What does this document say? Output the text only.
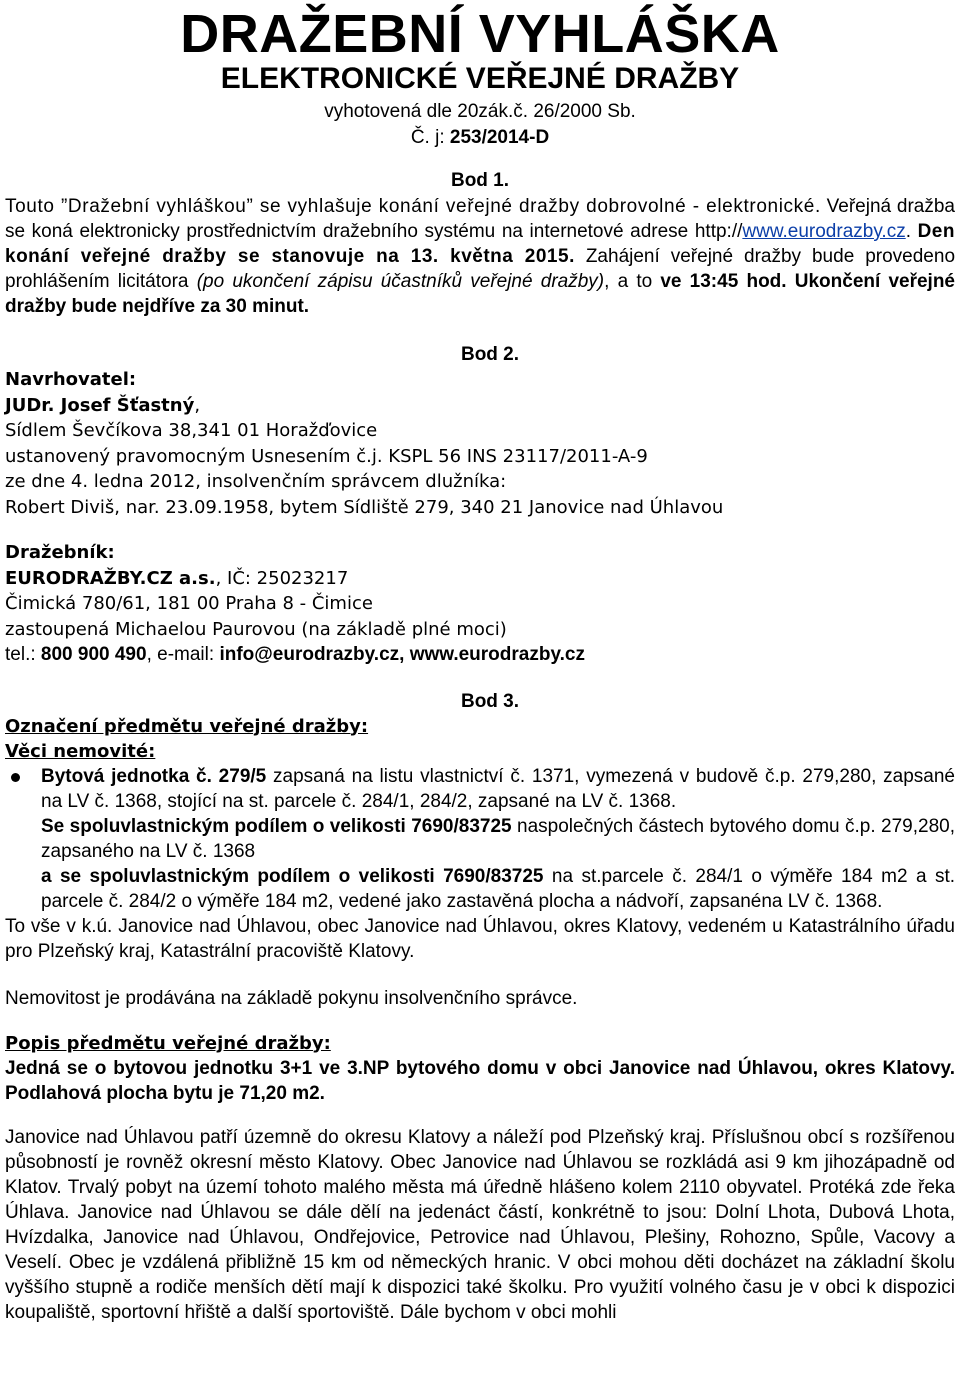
DRAŽEBNÍ VYHLÁŠKA
ELEKTRONICKÉ VEŘEJNÉ DRAŽBY
vyhotovená dle 20zák.č. 26/2000 Sb.
Č. j: 253/2014-D
Bod 1.
Touto ”Dražební vyhláškou” se vyhlašuje konání veřejné dražby dobrovolné - elektronické. Veřejná dražba se koná elektronicky prostřednictvím dražebního systému na internetové adrese http://www.eurodrazby.cz. Den konání veřejné dražby se stanovuje na 13. května 2015. Zahájení veřejné dražby bude provedeno prohlášením licitátora (po ukončení zápisu účastníků veřejné dražby), a to ve 13:45 hod. Ukončení veřejné dražby bude nejdříve za 30 minut.
Bod 2.
Navrhovatel:
JUDr. Josef Šťastný,
Sídlem Ševčíkova 38,341 01 Horažďovice
ustanovený pravomocným Usnesením č.j. KSPL 56 INS 23117/2011-A-9
ze dne 4. ledna 2012, insolvenčním správcem dlužníka:
Robert Diviš, nar. 23.09.1958, bytem Sídliště 279, 340 21 Janovice nad Úhlavou
Dražebník:
EURODRAŽBY.CZ a.s., IČ: 25023217
Čimická 780/61, 181 00 Praha 8 - Čimice
zastoupená Michaelou Paurovou (na základě plné moci)
tel.: 800 900 490, e-mail: info@eurodrazby.cz, www.eurodrazby.cz
Bod 3.
Označení předmětu veřejné dražby:
Věci nemovité:
Bytová jednotka č. 279/5 zapsaná na listu vlastnictví č. 1371, vymezená v budově č.p. 279,280, zapsané na LV č. 1368, stojící na st. parcele č. 284/1, 284/2, zapsané na LV č. 1368.
Se spoluvlastnickým podílem o velikosti 7690/83725 naspolečných částech bytového domu č.p. 279,280, zapsaného na LV č. 1368
a se spoluvlastnickým podílem o velikosti 7690/83725 na st.parcele č. 284/1 o výměře 184 m2 a st. parcele č. 284/2 o výměře 184 m2, vedené jako zastavěná plocha a nádvoří, zapsanéna LV č. 1368.
To vše v k.ú. Janovice nad Úhlavou, obec Janovice nad Úhlavou, okres Klatovy, vedeném u Katastrálního úřadu pro Plzeňský kraj, Katastrální pracoviště Klatovy.
Nemovitost je prodávána na základě pokynu insolvenčního správce.
Popis předmětu veřejné dražby:
Jedná se o bytovou jednotku 3+1 ve 3.NP bytového domu v obci Janovice nad Úhlavou, okres Klatovy. Podlahová plocha bytu je 71,20 m2.
Janovice nad Úhlavou patří územně do okresu Klatovy a náleží pod Plzeňský kraj. Příslušnou obcí s rozšířenou působností je rovněž okresní město Klatovy. Obec Janovice nad Úhlavou se rozkládá asi 9 km jihozápadně od Klatov. Trvalý pobyt na území tohoto malého města má úředně hlášeno kolem 2110 obyvatel. Protéká zde řeka Úhlava. Janovice nad Úhlavou se dále dělí na jedenáct částí, konkrétně to jsou: Dolní Lhota, Dubová Lhota, Hvízdalka, Janovice nad Úhlavou, Ondřejovice, Petrovice nad Úhlavou, Plešiny, Rohozno, Spůle, Vacovy a Veselí. Obec je vzdálená přibližně 15 km od německých hranic. V obci mohou děti docházet na základní školu vyššího stupně a rodiče menších dětí mají k dispozici také školku. Pro využití volného času je v obci k dispozici koupaliště, sportovní hřiště a další sportoviště. Dále bychom v obci mohli
